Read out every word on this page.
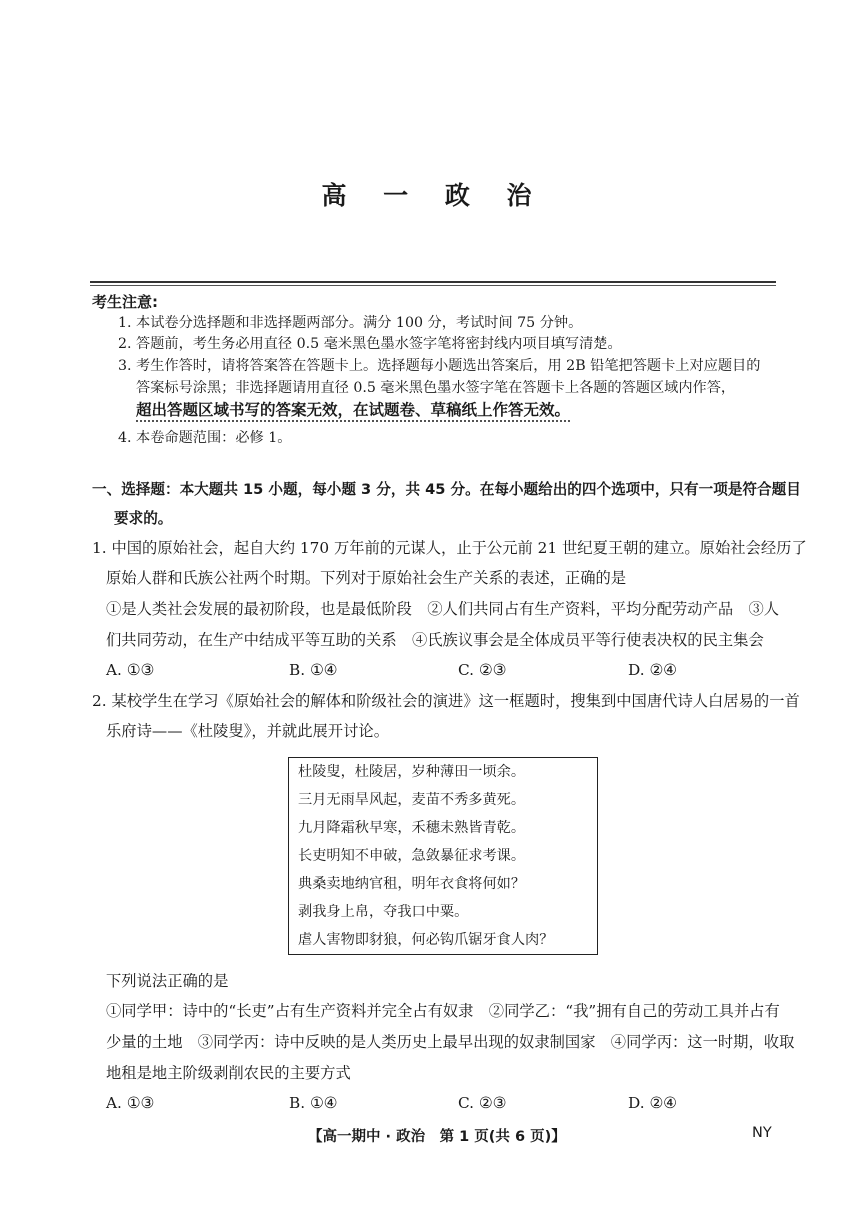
高 一 政 治
考生注意:
1. 本试卷分选择题和非选择题两部分。满分 100 分，考试时间 75 分钟。
2. 答题前，考生务必用直径 0.5 毫米黑色墨水签字笔将密封线内项目填写清楚。
3. 考生作答时，请将答案答在答题卡上。选择题每小题选出答案后，用 2B 铅笔把答题卡上对应题目的
答案标号涂黑；非选择题请用直径 0.5 毫米黑色墨水签字笔在答题卡上各题的答题区域内作答，
超出答题区域书写的答案无效，在试题卷、草稿纸上作答无效。
4. 本卷命题范围：必修 1。
一、选择题：本大题共 15 小题，每小题 3 分，共 45 分。在每小题给出的四个选项中，只有一项是符合题目
要求的。
1. 中国的原始社会，起自大约 170 万年前的元谋人，止于公元前 21 世纪夏王朝的建立。原始社会经历了
原始人群和氏族公社两个时期。下列对于原始社会生产关系的表述，正确的是
①是人类社会发展的最初阶段，也是最低阶段　②人们共同占有生产资料，平均分配劳动产品　③人
们共同劳动，在生产中结成平等互助的关系　④氏族议事会是全体成员平等行使表决权的民主集会
A. ①③	B. ①④	C. ②③	D. ②④
2. 某校学生在学习《原始社会的解体和阶级社会的演进》这一框题时，搜集到中国唐代诗人白居易的一首
乐府诗——《杜陵叟》，并就此展开讨论。
杜陵叟，杜陵居，岁种薄田一顷余。
三月无雨旱风起，麦苗不秀多黄死。
九月降霜秋早寒，禾穗未熟皆青乾。
长吏明知不申破，急敛暴征求考课。
典桑卖地纳官租，明年衣食将何如？
剥我身上帛，夺我口中粟。
虐人害物即豺狼，何必钩爪锯牙食人肉？
下列说法正确的是
①同学甲：诗中的“长吏”占有生产资料并完全占有奴隶　②同学乙：“我”拥有自己的劳动工具并占有
少量的土地　③同学丙：诗中反映的是人类历史上最早出现的奴隶制国家　④同学丙：这一时期，收取
地租是地主阶级剥削农民的主要方式
A. ①③	B. ①④	C. ②③	D. ②④
【高一期中 · 政治　第 1 页(共 6 页)】	NY
